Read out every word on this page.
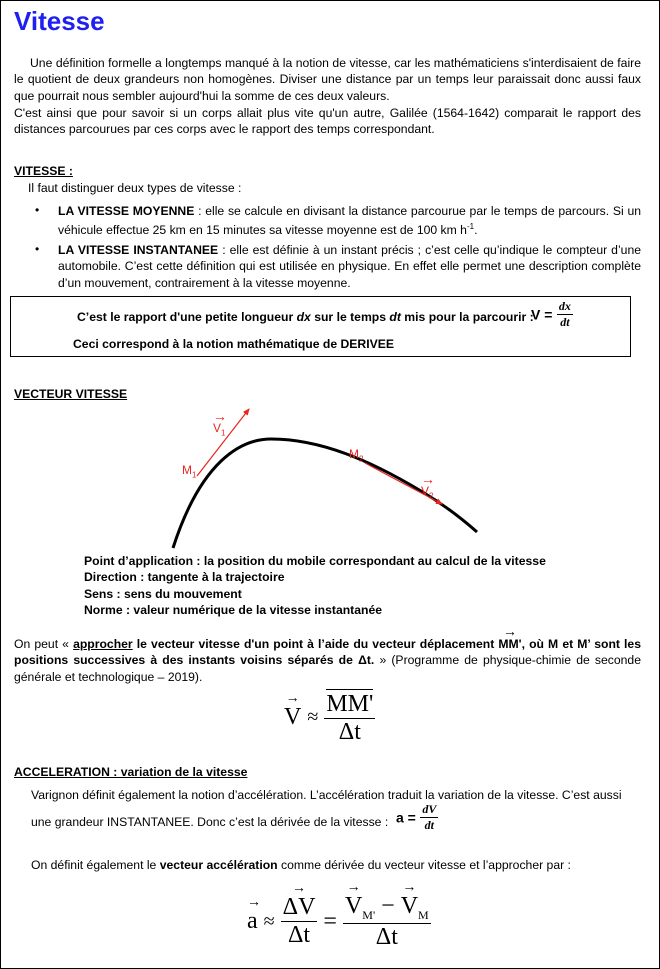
Vitesse
Une définition formelle a longtemps manqué à la notion de vitesse, car les mathématiciens s'interdisaient de faire le quotient de deux grandeurs non homogènes. Diviser une distance par un temps leur paraissait donc aussi faux que pourrait nous sembler aujourd'hui la somme de ces deux valeurs.
C'est ainsi que pour savoir si un corps allait plus vite qu'un autre, Galilée (1564-1642) comparait le rapport des distances parcourues par ces corps avec le rapport des temps correspondant.
VITESSE :
Il faut distinguer deux types de vitesse :
• LA VITESSE MOYENNE : elle se calcule en divisant la distance parcourue par le temps de parcours. Si un véhicule effectue 25 km en 15 minutes sa vitesse moyenne est de 100 km $h^{-1}$.
• LA VITESSE INSTANTANEE : elle est définie à un instant précis ; c’est celle qu’indique le compteur d’une automobile. C’est cette définition qui est utilisée en physique. En effet elle permet une description complète d’un mouvement, contrairement à la vitesse moyenne.
C’est le rapport d'une petite longueur dx sur le temps dt mis pour la parcourir :
$V = \frac{dx}{dt}$
Ceci correspond à la notion mathématique de DERIVEE
VECTEUR VITESSE
→ $V_1$
$M_1$
$M_2$
→ $V_2$
Point d’application : la position du mobile correspondant au calcul de la vitesse
Direction : tangente à la trajectoire
Sens : sens du mouvement
Norme : valeur numérique de la vitesse instantanée
On peut « approcher le vecteur vitesse d'un point à l’aide du vecteur déplacement → MM', où M et M’ sont les positions successives à des instants voisins séparés de Δt. » (Programme de physique-chimie de seconde générale et technologique – 2019).
→ $V \approx \frac{MM'}{\Delta t}$
ACCELERATION : variation de la vitesse
Varignon définit également la notion d’accélération. L’accélération traduit la variation de la vitesse. C’est aussi
une grandeur INSTANTANEE. Donc c’est la dérivée de la vitesse : $a = \frac{dV}{dt}$
On définit également le vecteur accélération comme dérivée du vecteur vitesse et l’approcher par :
→ a ≈ → $\frac{\Delta V}{\Delta t}$ = → $\frac{V_{M'} - \to V_M}{\Delta t}$
